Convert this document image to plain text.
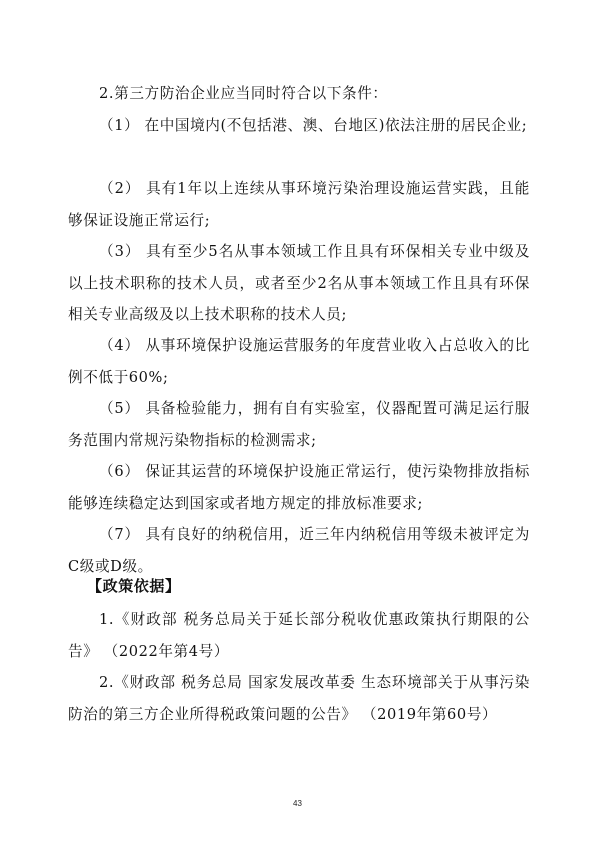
2.第三方防治企业应当同时符合以下条件：

（1） 在中国境内(不包括港、澳、台地区)依法注册的居民企业;

（2） 具有1年以上连续从事环境污染治理设施运营实践，且能够保证设施正常运行;

（3） 具有至少5名从事本领域工作且具有环保相关专业中级及以上技术职称的技术人员，或者至少2名从事本领域工作且具有环保相关专业高级及以上技术职称的技术人员;

（4） 从事环境保护设施运营服务的年度营业收入占总收入的比例不低于60%;

（5） 具备检验能力，拥有自有实验室，仪器配置可满足运行服务范围内常规污染物指标的检测需求;

（6） 保证其运营的环境保护设施正常运行，使污染物排放指标能够连续稳定达到国家或者地方规定的排放标准要求;

（7） 具有良好的纳税信用，近三年内纳税信用等级未被评定为C级或D级。

【政策依据】

1.《财政部 税务总局关于延长部分税收优惠政策执行期限的公告》 （2022年第4号）

2.《财政部 税务总局 国家发展改革委 生态环境部关于从事污染防治的第三方企业所得税政策问题的公告》 （2019年第60号）

43
